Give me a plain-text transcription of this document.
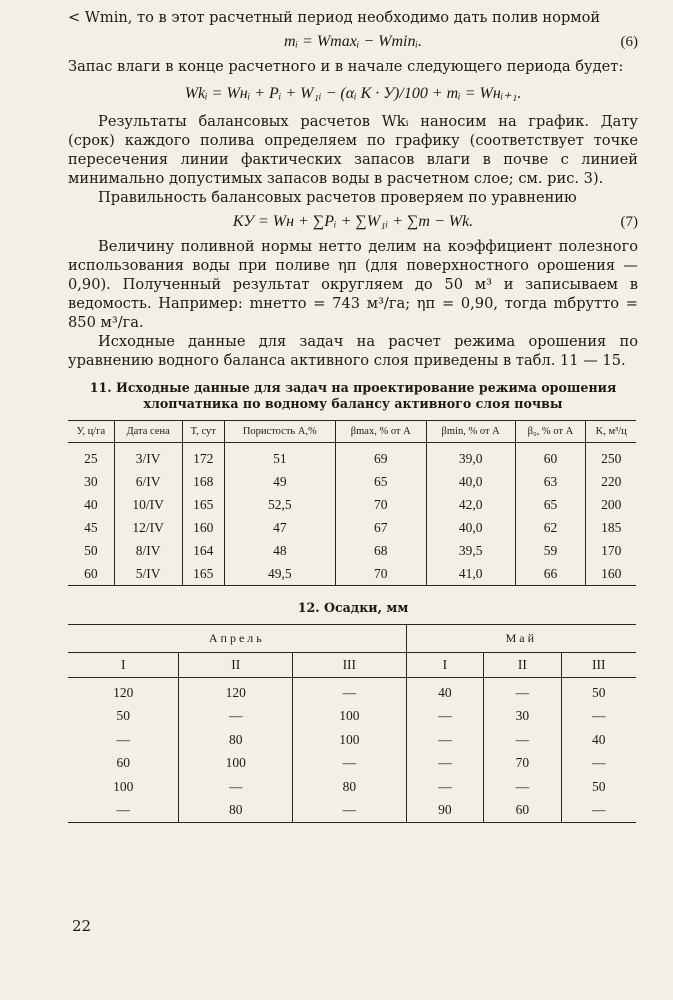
< Wmin, то в этот расчетный период необходимо дать полив нормой

mᵢ = Wmaxᵢ − Wminᵢ.	(6)

Запас влаги в конце расчетного и в начале следующего периода будет:

Wkᵢ = Wнᵢ + Pᵢ + W₁ᵢ − (αᵢ K · У)/100 + mᵢ = Wнᵢ₊₁.

Результаты балансовых расчетов Wkᵢ наносим на график. Дату (срок) каждого полива определяем по графику (соответствует точке пересечения линии фактических запасов влаги в почве с линией минимально допустимых запасов воды в расчетном слое; см. рис. 3).

Правильность балансовых расчетов проверяем по уравнению

КУ = Wн + ∑Pᵢ + ∑W₁ᵢ + ∑m − Wk.	(7)

Величину поливной нормы нетто делим на коэффициент полезного использования воды при поливе ηп (для поверхностного орошения — 0,90). Полученный результат округляем до 50 м³ и записываем в ведомость. Например: mнетто = 743 м³/га; ηп = 0,90, тогда mбрутто = 850 м³/га.

Исходные данные для задач на расчет режима орошения по уравнению водного баланса активного слоя приведены в табл. 11 — 15.

11. Исходные данные для задач на проектирование режима орошения хлопчатника по водному балансу активного слоя почвы

У, ц/га	Дата сена	T, сут	Пористость A,%	βmax, % от A	βmin, % от A	β₀, % от A	K, м³/ц
25	3/IV	172	51	69	39,0	60	250
30	6/IV	168	49	65	40,0	63	220
40	10/IV	165	52,5	70	42,0	65	200
45	12/IV	160	47	67	40,0	62	185
50	8/IV	164	48	68	39,5	59	170
60	5/IV	165	49,5	70	41,0	66	160

12. Осадки, мм

Апрель			Май		
I	II	III	I	II	III
120	120	—	40	—	50
50	—	100	—	30	—
—	80	100	—	—	40
60	100	—	—	70	—
100	—	80	—	—	50
—	80	—	90	60	—
22
